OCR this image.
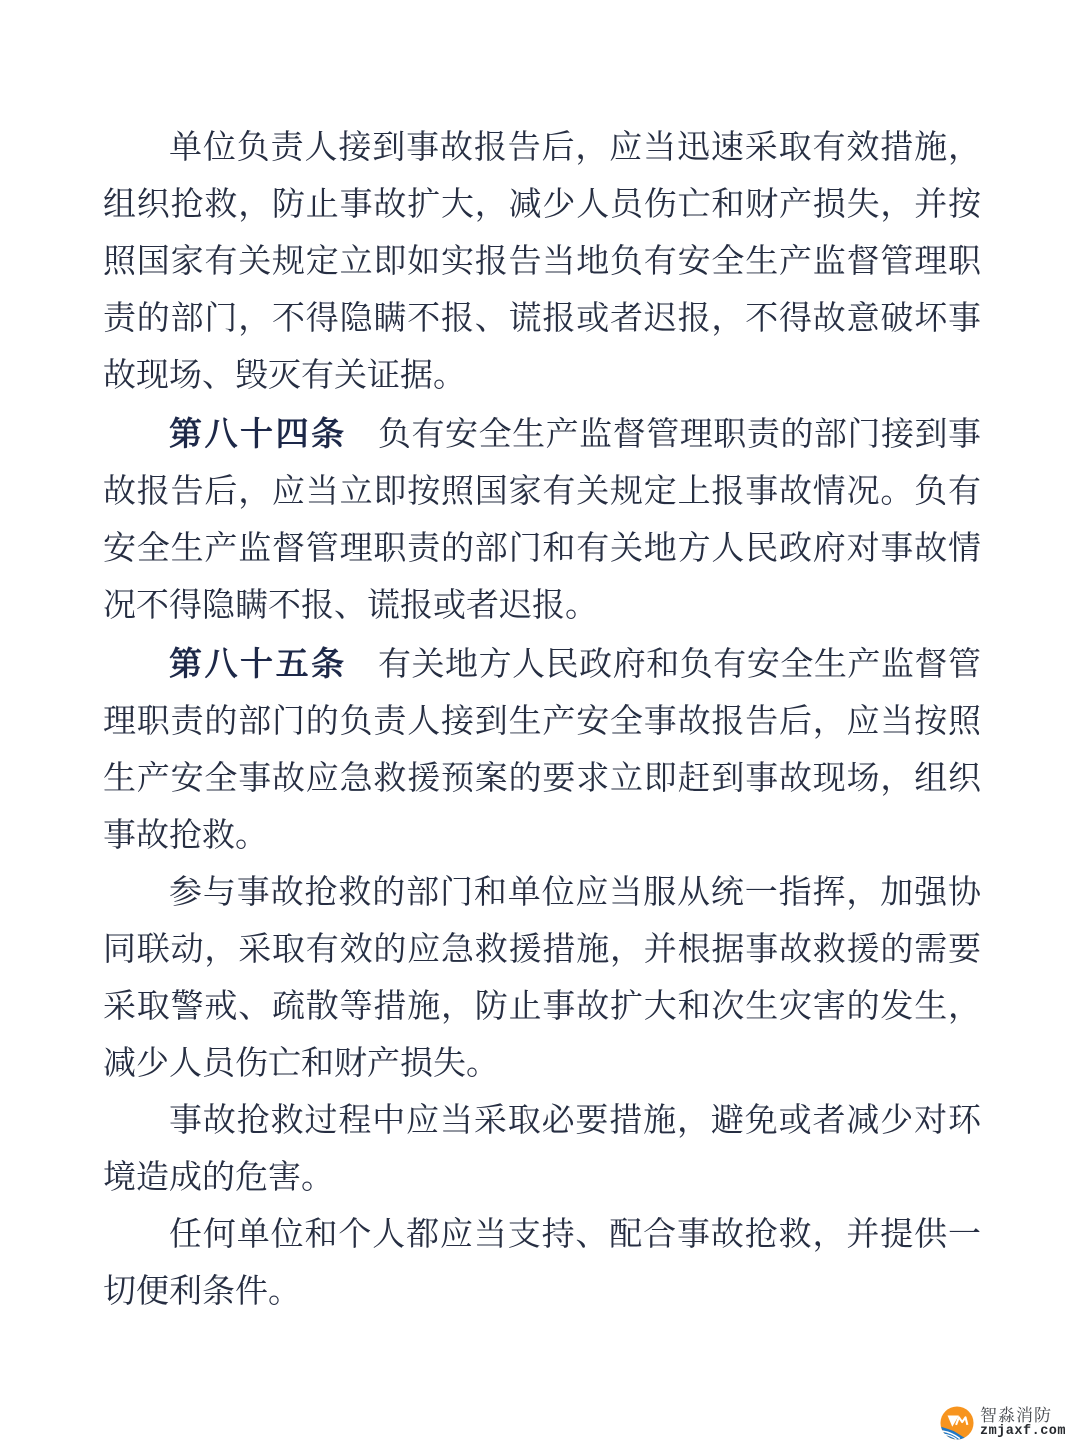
单位负责人接到事故报告后，应当迅速采取有效措施，组织抢救，防止事故扩大，减少人员伤亡和财产损失，并按照国家有关规定立即如实报告当地负有安全生产监督管理职责的部门，不得隐瞒不报、谎报或者迟报，不得故意破坏事故现场、毁灭有关证据。

第八十四条 负有安全生产监督管理职责的部门接到事故报告后，应当立即按照国家有关规定上报事故情况。负有安全生产监督管理职责的部门和有关地方人民政府对事故情况不得隐瞒不报、谎报或者迟报。

第八十五条 有关地方人民政府和负有安全生产监督管理职责的部门的负责人接到生产安全事故报告后，应当按照生产安全事故应急救援预案的要求立即赶到事故现场，组织事故抢救。

参与事故抢救的部门和单位应当服从统一指挥，加强协同联动，采取有效的应急救援措施，并根据事故救援的需要采取警戒、疏散等措施，防止事故扩大和次生灾害的发生，减少人员伤亡和财产损失。

事故抢救过程中应当采取必要措施，避免或者减少对环境造成的危害。

任何单位和个人都应当支持、配合事故抢救，并提供一切便利条件。

智淼消防
zmjaxf.com
